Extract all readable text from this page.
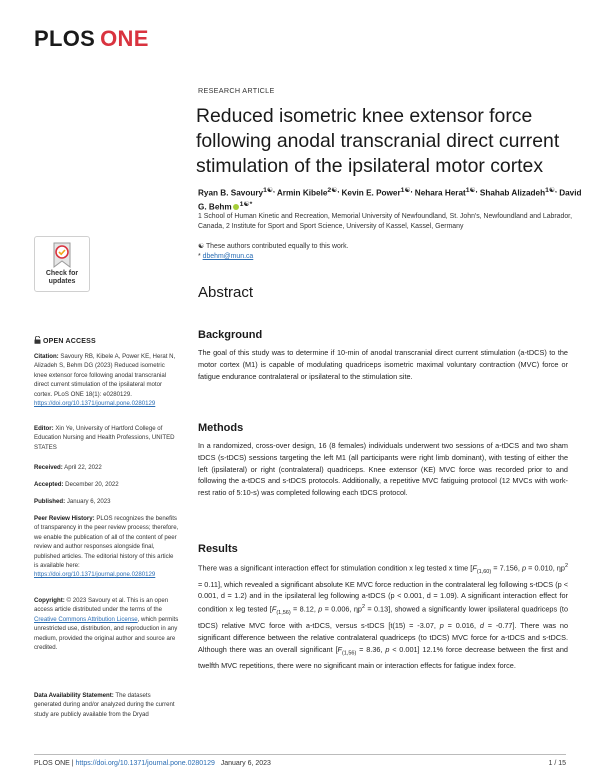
PLOS ONE
RESEARCH ARTICLE
Reduced isometric knee extensor force following anodal transcranial direct current stimulation of the ipsilateral motor cortex
Ryan B. Savoury$^{1☯,}$ Armin Kibele$^{2☯,}$ Kevin E. Power$^{1☯,}$ Nehara Herat$^{1☯,}$ Shahab Alizadeh$^{1☯,}$ David G. Behm $^{1☯*}$
1 School of Human Kinetic and Recreation, Memorial University of Newfoundland, St. John's, Newfoundland and Labrador, Canada, 2 Institute for Sport and Sport Science, University of Kassel, Kassel, Germany
☯ These authors contributed equally to this work.
* dbehm@mun.ca
Check for
updates
Abstract
Background
The goal of this study was to determine if 10-min of anodal transcranial direct current stimulation (a-tDCS) to the motor cortex (M1) is capable of modulating quadriceps isometric maximal voluntary contraction (MVC) force or fatigue endurance contralateral or ipsilateral to the stimulation site.
Methods
In a randomized, cross-over design, 16 (8 females) individuals underwent two sessions of a-tDCS and two sham tDCS (s-tDCS) sessions targeting the left M1 (all participants were right limb dominant), with testing of either the left (ipsilateral) or right (contralateral) quadriceps. Knee extensor (KE) MVC force was recorded prior to and following the a-tDCS and s-tDCS protocols. Additionally, a repetitive MVC fatiguing protocol (12 MVCs with work-rest ratio of 5:10-s) was completed following each tDCS protocol.
Results
There was a significant interaction effect for stimulation condition x leg tested x time [$F_{(1,60)} = 7.156$, p = 0.010, $\eta p^2 = 0.11$], which revealed a significant absolute KE MVC force reduction in the contralateral leg following s-tDCS (p < 0.001, d = 1.2) and in the ipsilateral leg following a-tDCS (p < 0.001, d = 1.09). A significant interaction effect for condition x leg tested [$F_{(1,56)} = 8.12$, p = 0.006, $\eta p^2 = 0.13$], showed a significantly lower ipsilateral quadriceps (to tDCS) relative MVC force with a-tDCS, versus s-tDCS [t(15) = -3.07, p = 0.016, d = -0.77]. There was no significant difference between the relative contralateral quadriceps (to tDCS) MVC force for a-tDCS and s-tDCS. Although there was an overall significant [$F_{(1,56)} = 8.36$, p < 0.001] 12.1% force decrease between the first and twelfth MVC repetitions, there were no significant main or interaction effects for fatigue index force.
OPEN ACCESS
Citation: Savoury RB, Kibele A, Power KE, Herat N, Alizadeh S, Behm DG (2023) Reduced isometric knee extensor force following anodal transcranial direct current stimulation of the ipsilateral motor cortex. PLoS ONE 18(1): e0280129. https://doi.org/10.1371/journal.pone.0280129
Editor: Xin Ye, University of Hartford College of Education Nursing and Health Professions, UNITED STATES
Received: April 22, 2022
Accepted: December 20, 2022
Published: January 6, 2023
Peer Review History: PLOS recognizes the benefits of transparency in the peer review process; therefore, we enable the publication of all of the content of peer review and author responses alongside final, published articles. The editorial history of this article is available here: https://doi.org/10.1371/journal.pone.0280129
Copyright: © 2023 Savoury et al. This is an open access article distributed under the terms of the Creative Commons Attribution License, which permits unrestricted use, distribution, and reproduction in any medium, provided the original author and source are credited.
Data Availability Statement: The datasets generated during and/or analyzed during the current study are publicly available from the Dryad
PLOS ONE | https://doi.org/10.1371/journal.pone.0280129 January 6, 2023	1 / 15
